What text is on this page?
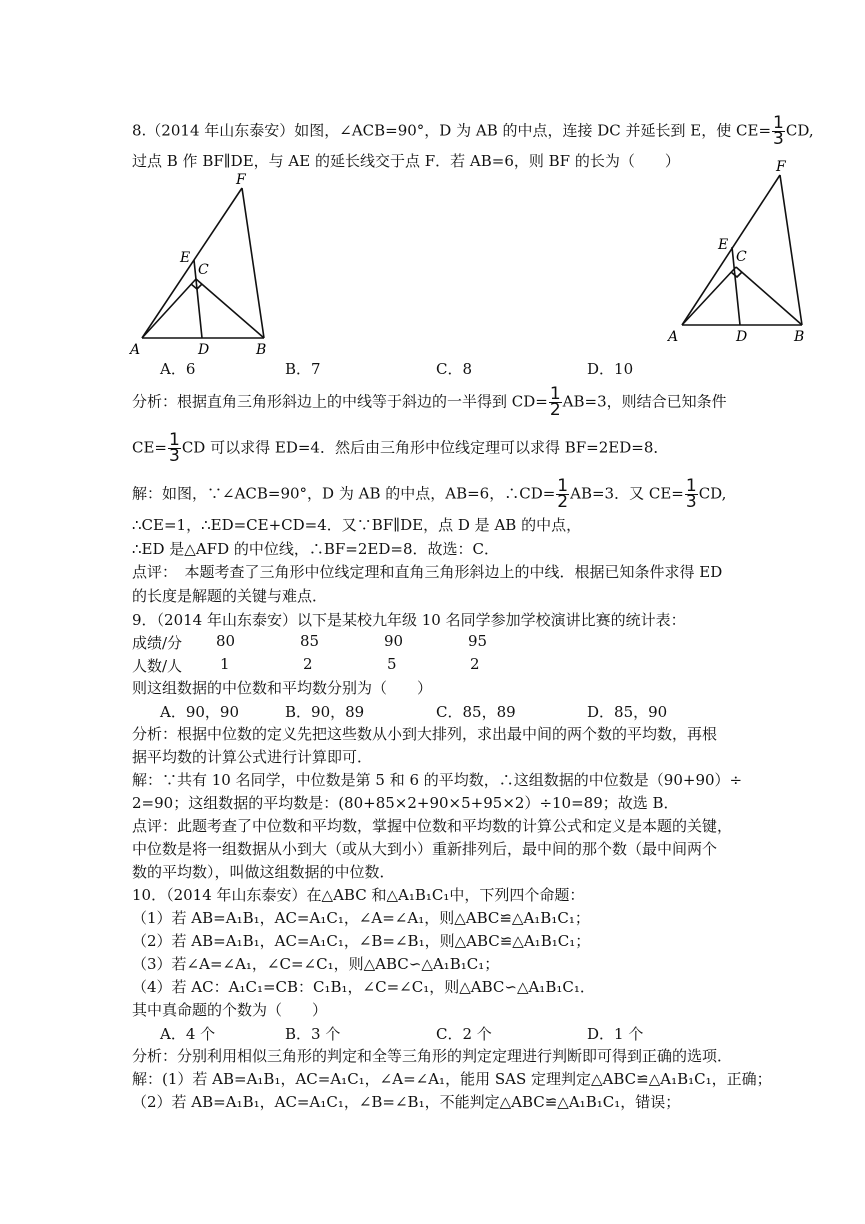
8.（2014 年山东泰安）如图，∠ACB=90°，D 为 AB 的中点，连接 DC 并延长到 E，使 $CE= \frac{1}{3}$ CD,
过点 B 作 BF∥DE，与 AE 的延长线交于点 F．若 AB=6，则 BF 的长为（　　）
F
E
C
A	D	B
F
E
C
A	D	B
A．6	B．7	C．8	D．10
分析：根据直角三角形斜边上的中线等于斜边的一半得到 $CD= \frac{1}{2} AB=3$，则结合已知条件
$CE= \frac{1}{3}$ CD 可以求得 ED=4．然后由三角形中位线定理可以求得 BF=2ED=8．
解：如图，∵∠ACB=90°，D 为 AB 的中点，AB=6，∴CD= $\frac{1}{2} AB=3$．又 $CE= \frac{1}{3}$ CD,
∴CE=1，∴ED=CE+CD=4．又∵BF∥DE，点 D 是 AB 的中点，
∴ED 是△AFD 的中位线，∴BF=2ED=8．故选：C．
点评：　本题考查了三角形中位线定理和直角三角形斜边上的中线．根据已知条件求得 ED
的长度是解题的关键与难点．
9．（2014 年山东泰安）以下是某校九年级 10 名同学参加学校演讲比赛的统计表：
成绩/分 80	85	90	95
人数/人	1	2	5	2
则这组数据的中位数和平均数分别为（　　）
A．90，90	B．90，89	C．85，89	D．85，90
分析：根据中位数的定义先把这些数从小到大排列，求出最中间的两个数的平均数，再根
据平均数的计算公式进行计算即可．
解：∵共有 10 名同学，中位数是第 5 和 6 的平均数，∴这组数据的中位数是（90+90）÷
2=90；这组数据的平均数是：(80+85×2+90×5+95×2）÷10=89；故选 B．
点评：此题考查了中位数和平均数，掌握中位数和平均数的计算公式和定义是本题的关键，
中位数是将一组数据从小到大（或从大到小）重新排列后，最中间的那个数（最中间两个
数的平均数），叫做这组数据的中位数．
10．（2014 年山东泰安）在△ABC 和△A₁B₁C₁中，下列四个命题：
（1）若 AB=A₁B₁，AC=A₁C₁，∠A=∠A₁，则△ABC≌△A₁B₁C₁；
（2）若 AB=A₁B₁，AC=A₁C₁，∠B=∠B₁，则△ABC≌△A₁B₁C₁；
（3）若∠A=∠A₁，∠C=∠C₁，则△ABC∽△A₁B₁C₁；
（4）若 AC：A₁C₁=CB：C₁B₁，∠C=∠C₁，则△ABC∽△A₁B₁C₁．
其中真命题的个数为（　　）
A．4 个	B．3 个	C．2 个	D．1 个
分析：分别利用相似三角形的判定和全等三角形的判定定理进行判断即可得到正确的选项．
解：(1）若 AB=A₁B₁，AC=A₁C₁，∠A=∠A₁，能用 SAS 定理判定△ABC≌△A₁B₁C₁，正确；
（2）若 AB=A₁B₁，AC=A₁C₁，∠B=∠B₁，不能判定△ABC≌△A₁B₁C₁，错误；
